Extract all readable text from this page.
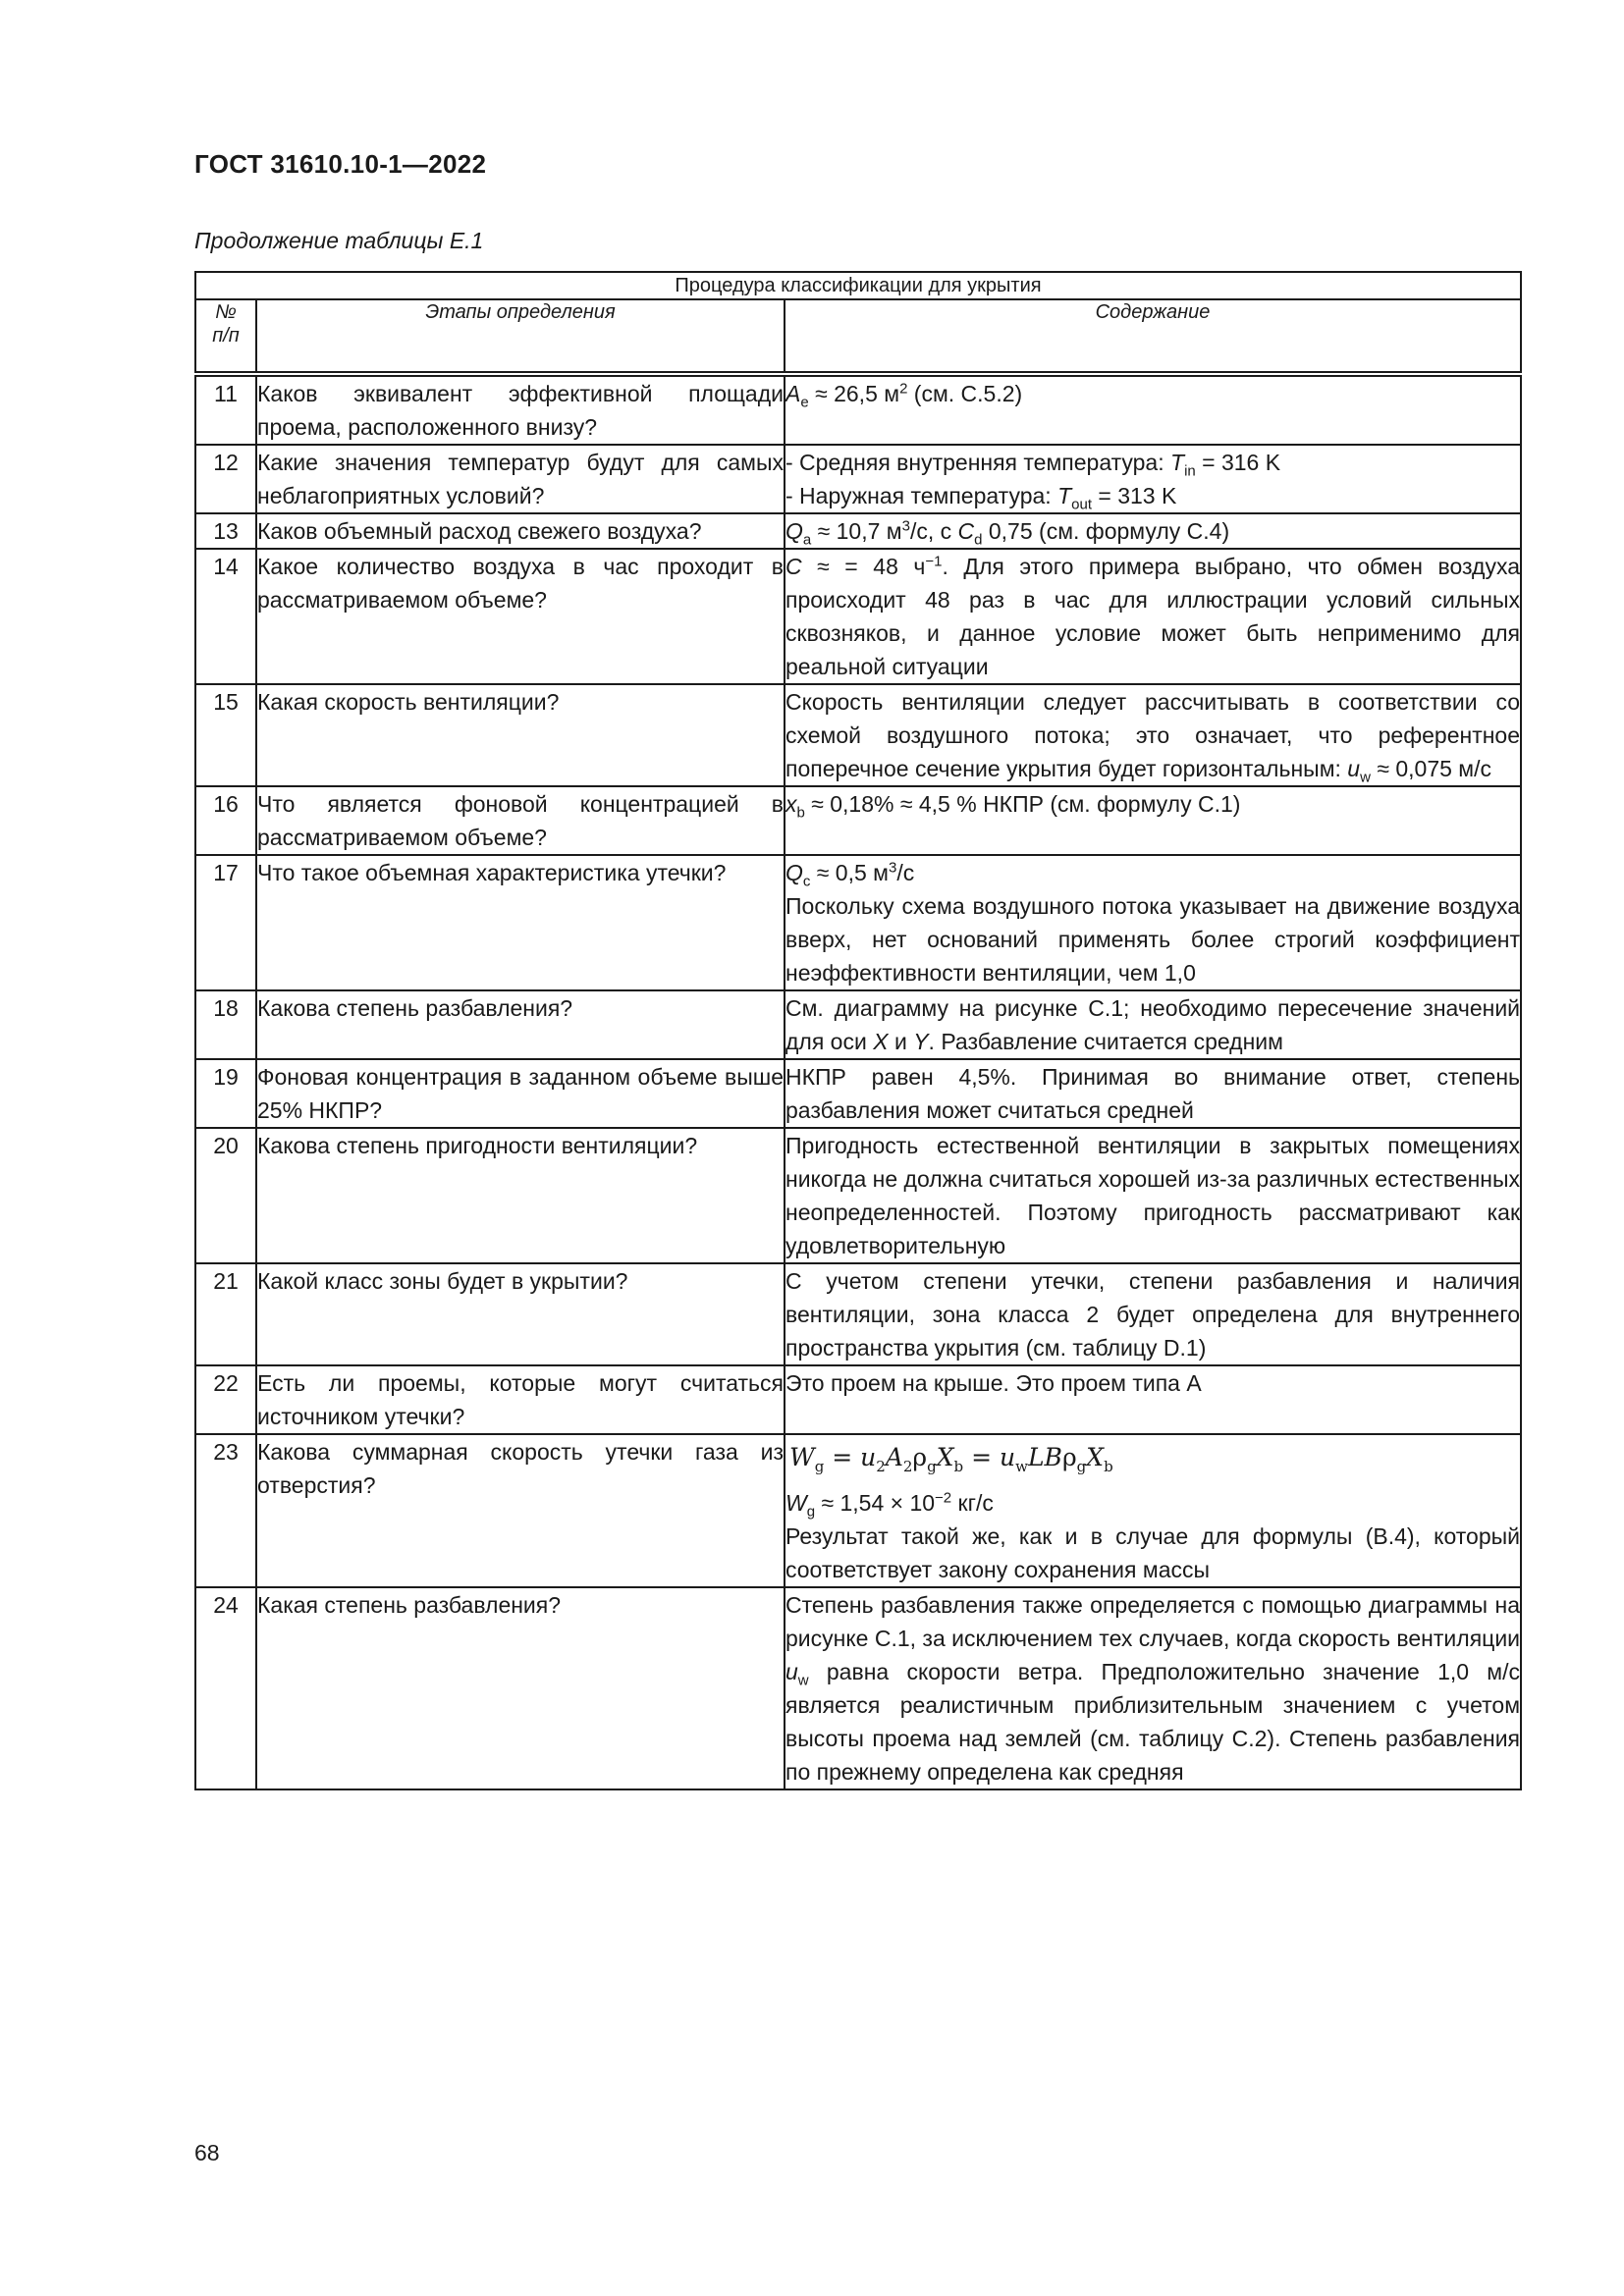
ГОСТ 31610.10-1—2022
Продолжение таблицы Е.1
Процедура классификации для укрытия		
№
п/п	Этапы определения	Содержание
11	Каков эквивалент эффективной площади проема, расположенного внизу?	$A_e \approx 26,5$ $м^2$ (см. С.5.2)
12	Какие значения температур будут для самых неблагоприятных условий?	- Средняя внутренняя температура: $T_{in} = 316$ K
- Наружная температура: $T_{out} = 313$ K

13	Каков объемный расход свежего воздуха?	$Q_a \approx 10,7$ $м^3/с$, с $C_d$ 0,75 (см. формулу С.4)
14	Какое количество воздуха в час проходит в рассматриваемом объеме?	C ≈ = 48 $ч^{-1}$. Для этого примера выбрано, что обмен воздуха происходит 48 раз в час для иллюстрации условий сильных сквозняков, и данное условие может быть неприменимо для реальной ситуации
15	Какая скорость вентиляции?	Скорость вентиляции следует рассчитывать в соответствии со схемой воздушного потока; это означает, что референтное поперечное сечение укрытия будет горизонтальным: $u_w \approx 0,075$ м/с
16	Что является фоновой концентрацией в рассматриваемом объеме?	$x_b \approx 0,18\% \approx 4,5$ % НКПР (см. формулу С.1)
17	Что такое объемная характеристика утечки?	$Q_c \approx 0,5$ $м^3/с$
Поскольку схема воздушного потока указывает на движение воздуха вверх, нет оснований применять более строгий коэффициент неэффективности вентиляции, чем 1,0

18	Какова степень разбавления?	См. диаграмму на рисунке С.1; необходимо пересечение значений для оси X и Y. Разбавление считается средним
19	Фоновая концентрация в заданном объеме выше 25% НКПР?	НКПР равен 4,5%. Принимая во внимание ответ, степень разбавления может считаться средней
20	Какова степень пригодности вентиляции?	Пригодность естественной вентиляции в закрытых помещениях никогда не должна считаться хорошей из-за различных естественных неопределенностей. Поэтому пригодность рассматривают как удовлетворительную
21	Какой класс зоны будет в укрытии?	С учетом степени утечки, степени разбавления и наличия вентиляции, зона класса 2 будет определена для внутреннего пространства укрытия (см. таблицу D.1)
22	Есть ли проемы, которые могут считаться источником утечки?	Это проем на крыше. Это проем типа А
23	Какова суммарная скорость утечки газа из отверстия?	$W_g = u_2A_2\rho_gX_b = u_wLB\rho_gX_b$
$W_g \approx 1,54 \times 10^{-2}$ кг/с
Результат такой же, как и в случае для формулы (В.4), который соответствует закону сохранения массы

24	Какая степень разбавления?	Степень разбавления также определяется с помощью диаграммы на рисунке С.1, за исключением тех случаев, когда скорость вентиляции $u_w$ равна скорости ветра. Предположительно значение 1,0 м/с является реалистичным приблизительным значением с учетом высоты проема над землей (см. таблицу С.2). Степень разбавления по прежнему определена как средняя
68
